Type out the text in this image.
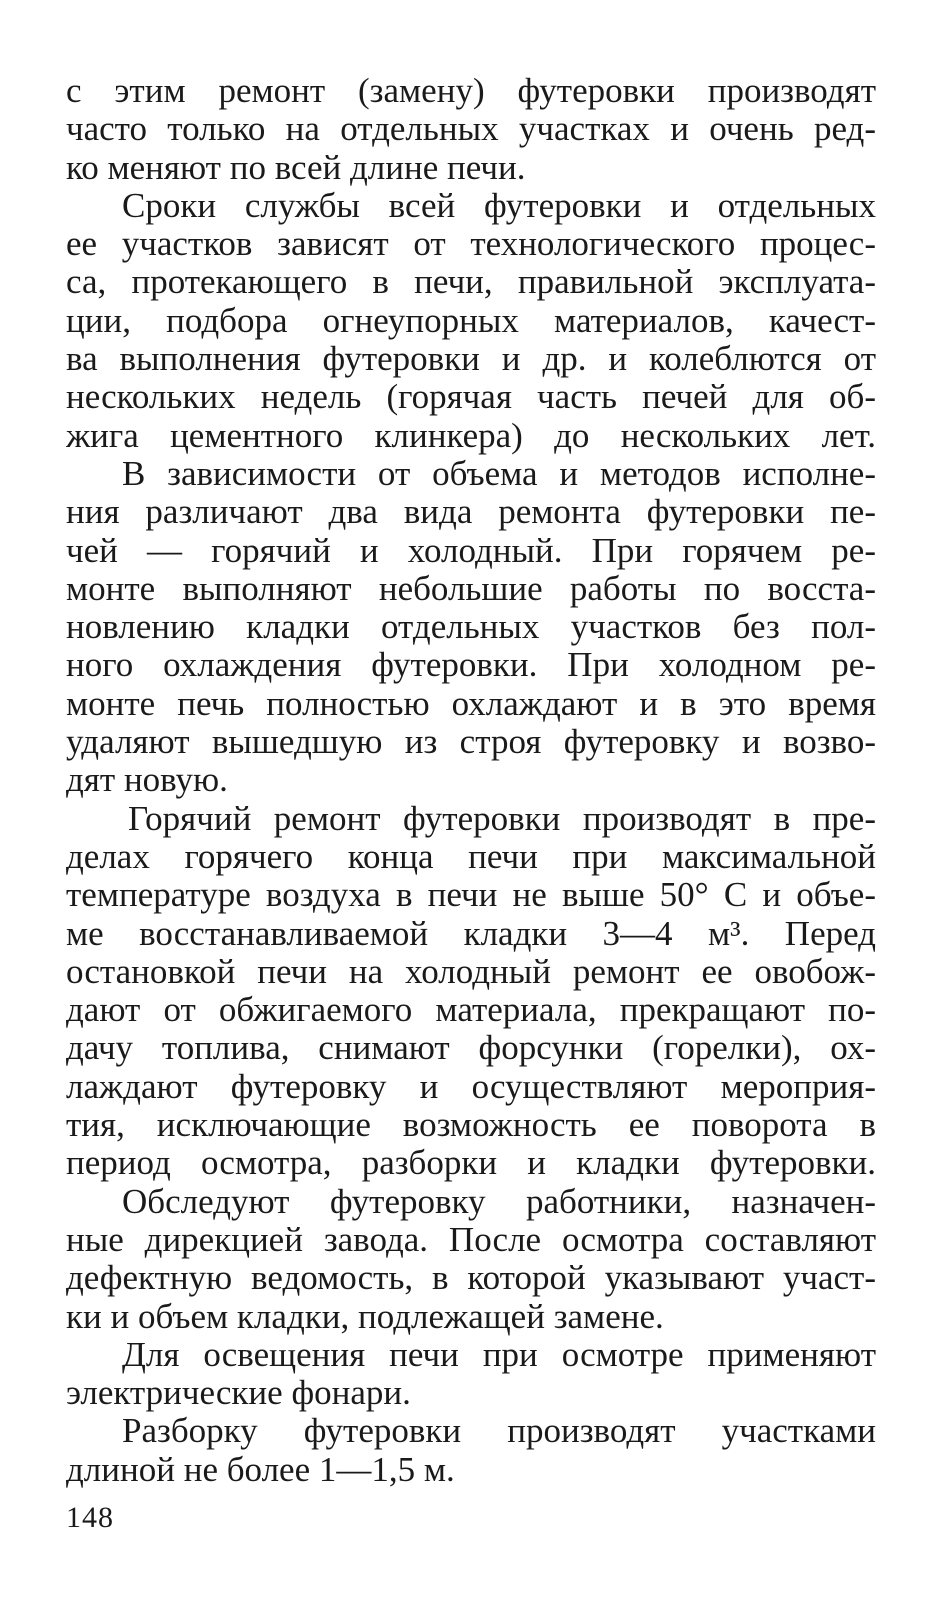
с этим ремонт (замену) футеровки производят
часто только на отдельных участках и очень ред-
ко меняют по всей длине печи.
Сроки службы всей футеровки и отдельных
ее участков зависят от технологического процес-
са, протекающего в печи, правильной эксплуата-
ции, подбора огнеупорных материалов, качест-
ва выполнения футеровки и др. и колеблются от
нескольких недель (горячая часть печей для об-
жига цементного клинкера) до нескольких лет.
В зависимости от объема и методов исполне-
ния различают два вида ремонта футеровки пе-
чей — горячий и холодный. При горячем ре-
монте выполняют небольшие работы по восста-
новлению кладки отдельных участков без пол-
ного охлаждения футеровки. При холодном ре-
монте печь полностью охлаждают и в это время
удаляют вышедшую из строя футеровку и возво-
дят новую.
Горячий ремонт футеровки производят в пре-
делах горячего конца печи при максимальной
температуре воздуха в печи не выше 50° С и объе-
ме восстанавливаемой кладки 3—4 м³. Перед
остановкой печи на холодный ремонт ее овобож-
дают от обжигаемого материала, прекращают по-
дачу топлива, снимают форсунки (горелки), ох-
лаждают футеровку и осуществляют мероприя-
тия, исключающие возможность ее поворота в
период осмотра, разборки и кладки футеровки.
Обследуют футеровку работники, назначен-
ные дирекцией завода. После осмотра составляют
дефектную ведомость, в которой указывают участ-
ки и объем кладки, подлежащей замене.
Для освещения печи при осмотре применяют
электрические фонари.
Разборку футеровки производят участками
длиной не более 1—1,5 м.
148
